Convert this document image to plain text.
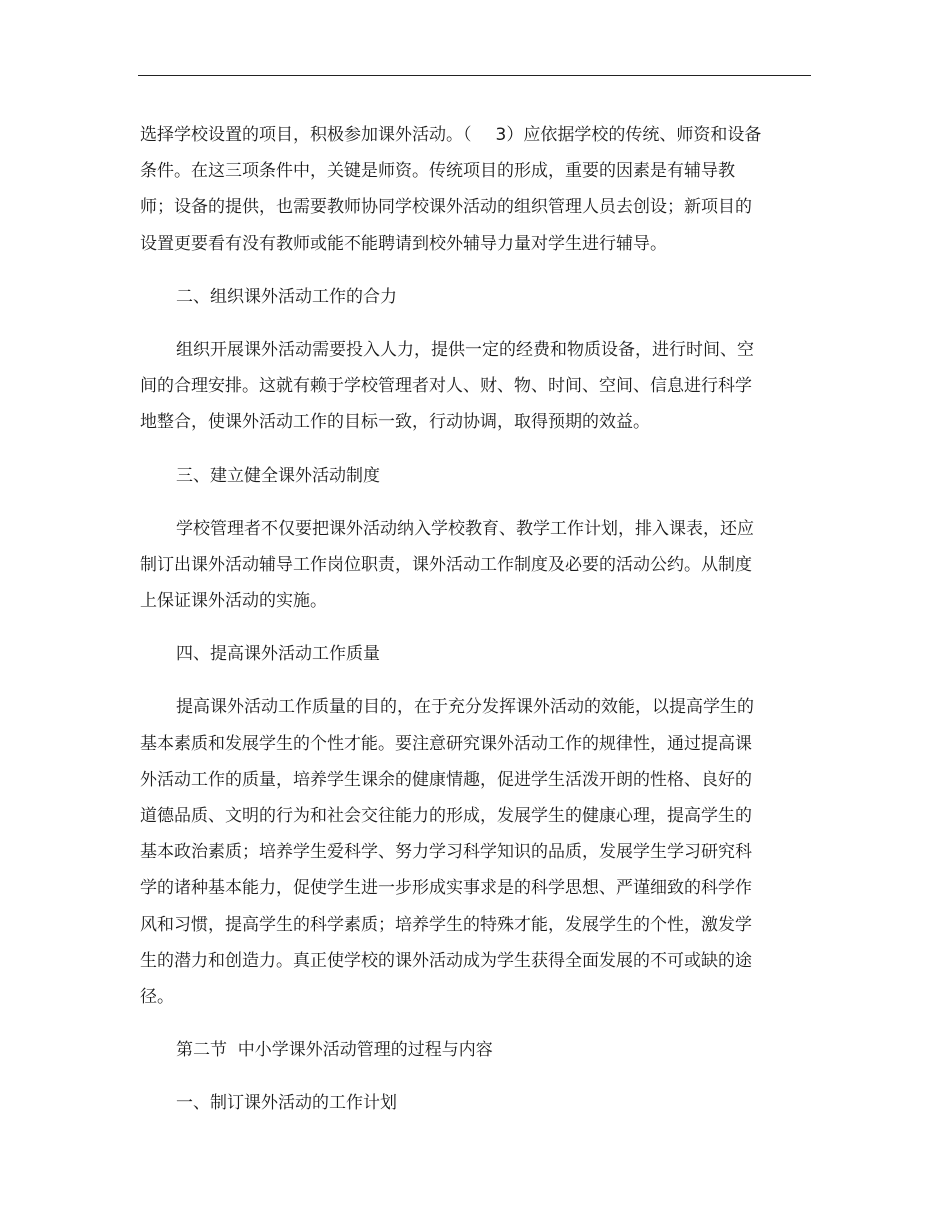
选择学校设置的项目，积极参加课外活动。（ 3）应依据学校的传统、师资和设备
条件。在这三项条件中，关键是师资。传统项目的形成，重要的因素是有辅导教
师；设备的提供，也需要教师协同学校课外活动的组织管理人员去创设；新项目的
设置更要看有没有教师或能不能聘请到校外辅导力量对学生进行辅导。
二、组织课外活动工作的合力
组织开展课外活动需要投入人力，提供一定的经费和物质设备，进行时间、空
间的合理安排。这就有赖于学校管理者对人、财、物、时间、空间、信息进行科学
地整合，使课外活动工作的目标一致，行动协调，取得预期的效益。
三、建立健全课外活动制度
学校管理者不仅要把课外活动纳入学校教育、教学工作计划，排入课表，还应
制订出课外活动辅导工作岗位职责，课外活动工作制度及必要的活动公约。从制度
上保证课外活动的实施。
四、提高课外活动工作质量
提高课外活动工作质量的目的，在于充分发挥课外活动的效能，以提高学生的
基本素质和发展学生的个性才能。要注意研究课外活动工作的规律性，通过提高课
外活动工作的质量，培养学生课余的健康情趣，促进学生活泼开朗的性格、良好的
道德品质、文明的行为和社会交往能力的形成，发展学生的健康心理，提高学生的
基本政治素质；培养学生爱科学、努力学习科学知识的品质，发展学生学习研究科
学的诸种基本能力，促使学生进一步形成实事求是的科学思想、严谨细致的科学作
风和习惯，提高学生的科学素质；培养学生的特殊才能，发展学生的个性，激发学
生的潜力和创造力。真正使学校的课外活动成为学生获得全面发展的不可或缺的途
径。
第二节  中小学课外活动管理的过程与内容
一、制订课外活动的工作计划
